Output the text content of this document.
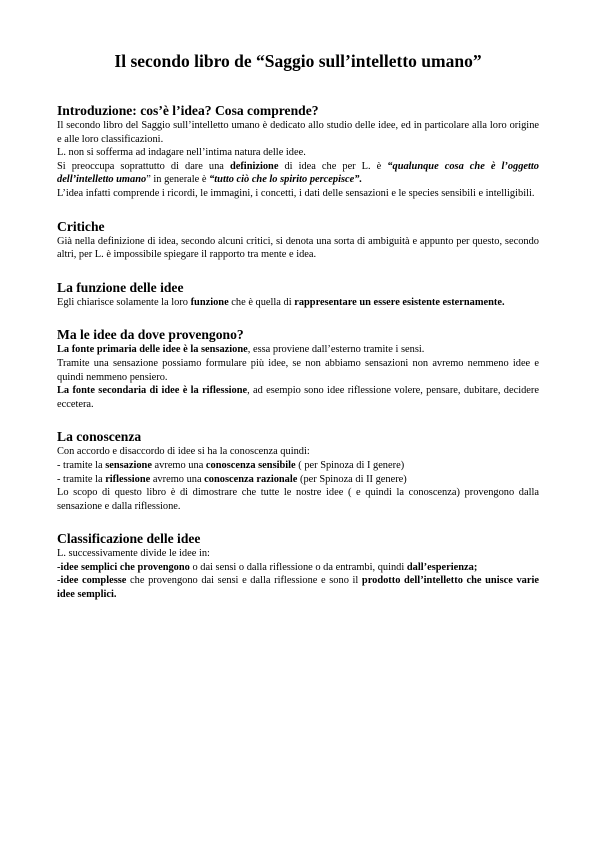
Il secondo libro de “Saggio sull’intelletto umano”
Introduzione: cos’è l’idea? Cosa comprende?

Il secondo libro del Saggio sull’intelletto umano è dedicato allo studio delle idee, ed in particolare alla loro origine e alle loro classificazioni.

L. non si sofferma ad indagare nell’intima natura delle idee.

Si preoccupa soprattutto di dare una definizione di idea che per L. è “qualunque cosa che è l’oggetto dell’intelletto umano” in generale è “tutto ciò che lo spirito percepisce”.

L’idea infatti comprende i ricordi, le immagini, i concetti, i dati delle sensazioni e le species sensibili e intelligibili.

Critiche

Già nella definizione di idea, secondo alcuni critici, si denota una sorta di ambiguità e appunto per questo, secondo altri, per L. è impossibile spiegare il rapporto tra mente e idea.

La funzione delle idee

Egli chiarisce solamente la loro funzione che è quella di rappresentare un essere esistente esternamente.

Ma le idee da dove provengono?

La fonte primaria delle idee è la sensazione, essa proviene dall’esterno tramite i sensi.

Tramite una sensazione possiamo formulare più idee, se non abbiamo sensazioni non avremo nemmeno idee e quindi nemmeno pensiero.

La fonte secondaria di idee è la riflessione, ad esempio sono idee riflessione volere, pensare, dubitare, decidere eccetera.

La conoscenza

Con accordo e disaccordo di idee si ha la conoscenza quindi:

- tramite la sensazione avremo una conoscenza sensibile ( per Spinoza di I genere)

- tramite la riflessione avremo una conoscenza razionale (per Spinoza di II genere)

Lo scopo di questo libro è di dimostrare che tutte le nostre idee ( e quindi la conoscenza) provengono dalla sensazione e dalla riflessione.

Classificazione delle idee

L. successivamente divide le idee in:

-idee semplici che provengono o dai sensi o dalla riflessione o da entrambi, quindi dall’esperienza;

-idee complesse che provengono dai sensi e dalla riflessione e sono il prodotto dell’intelletto che unisce varie idee semplici.
